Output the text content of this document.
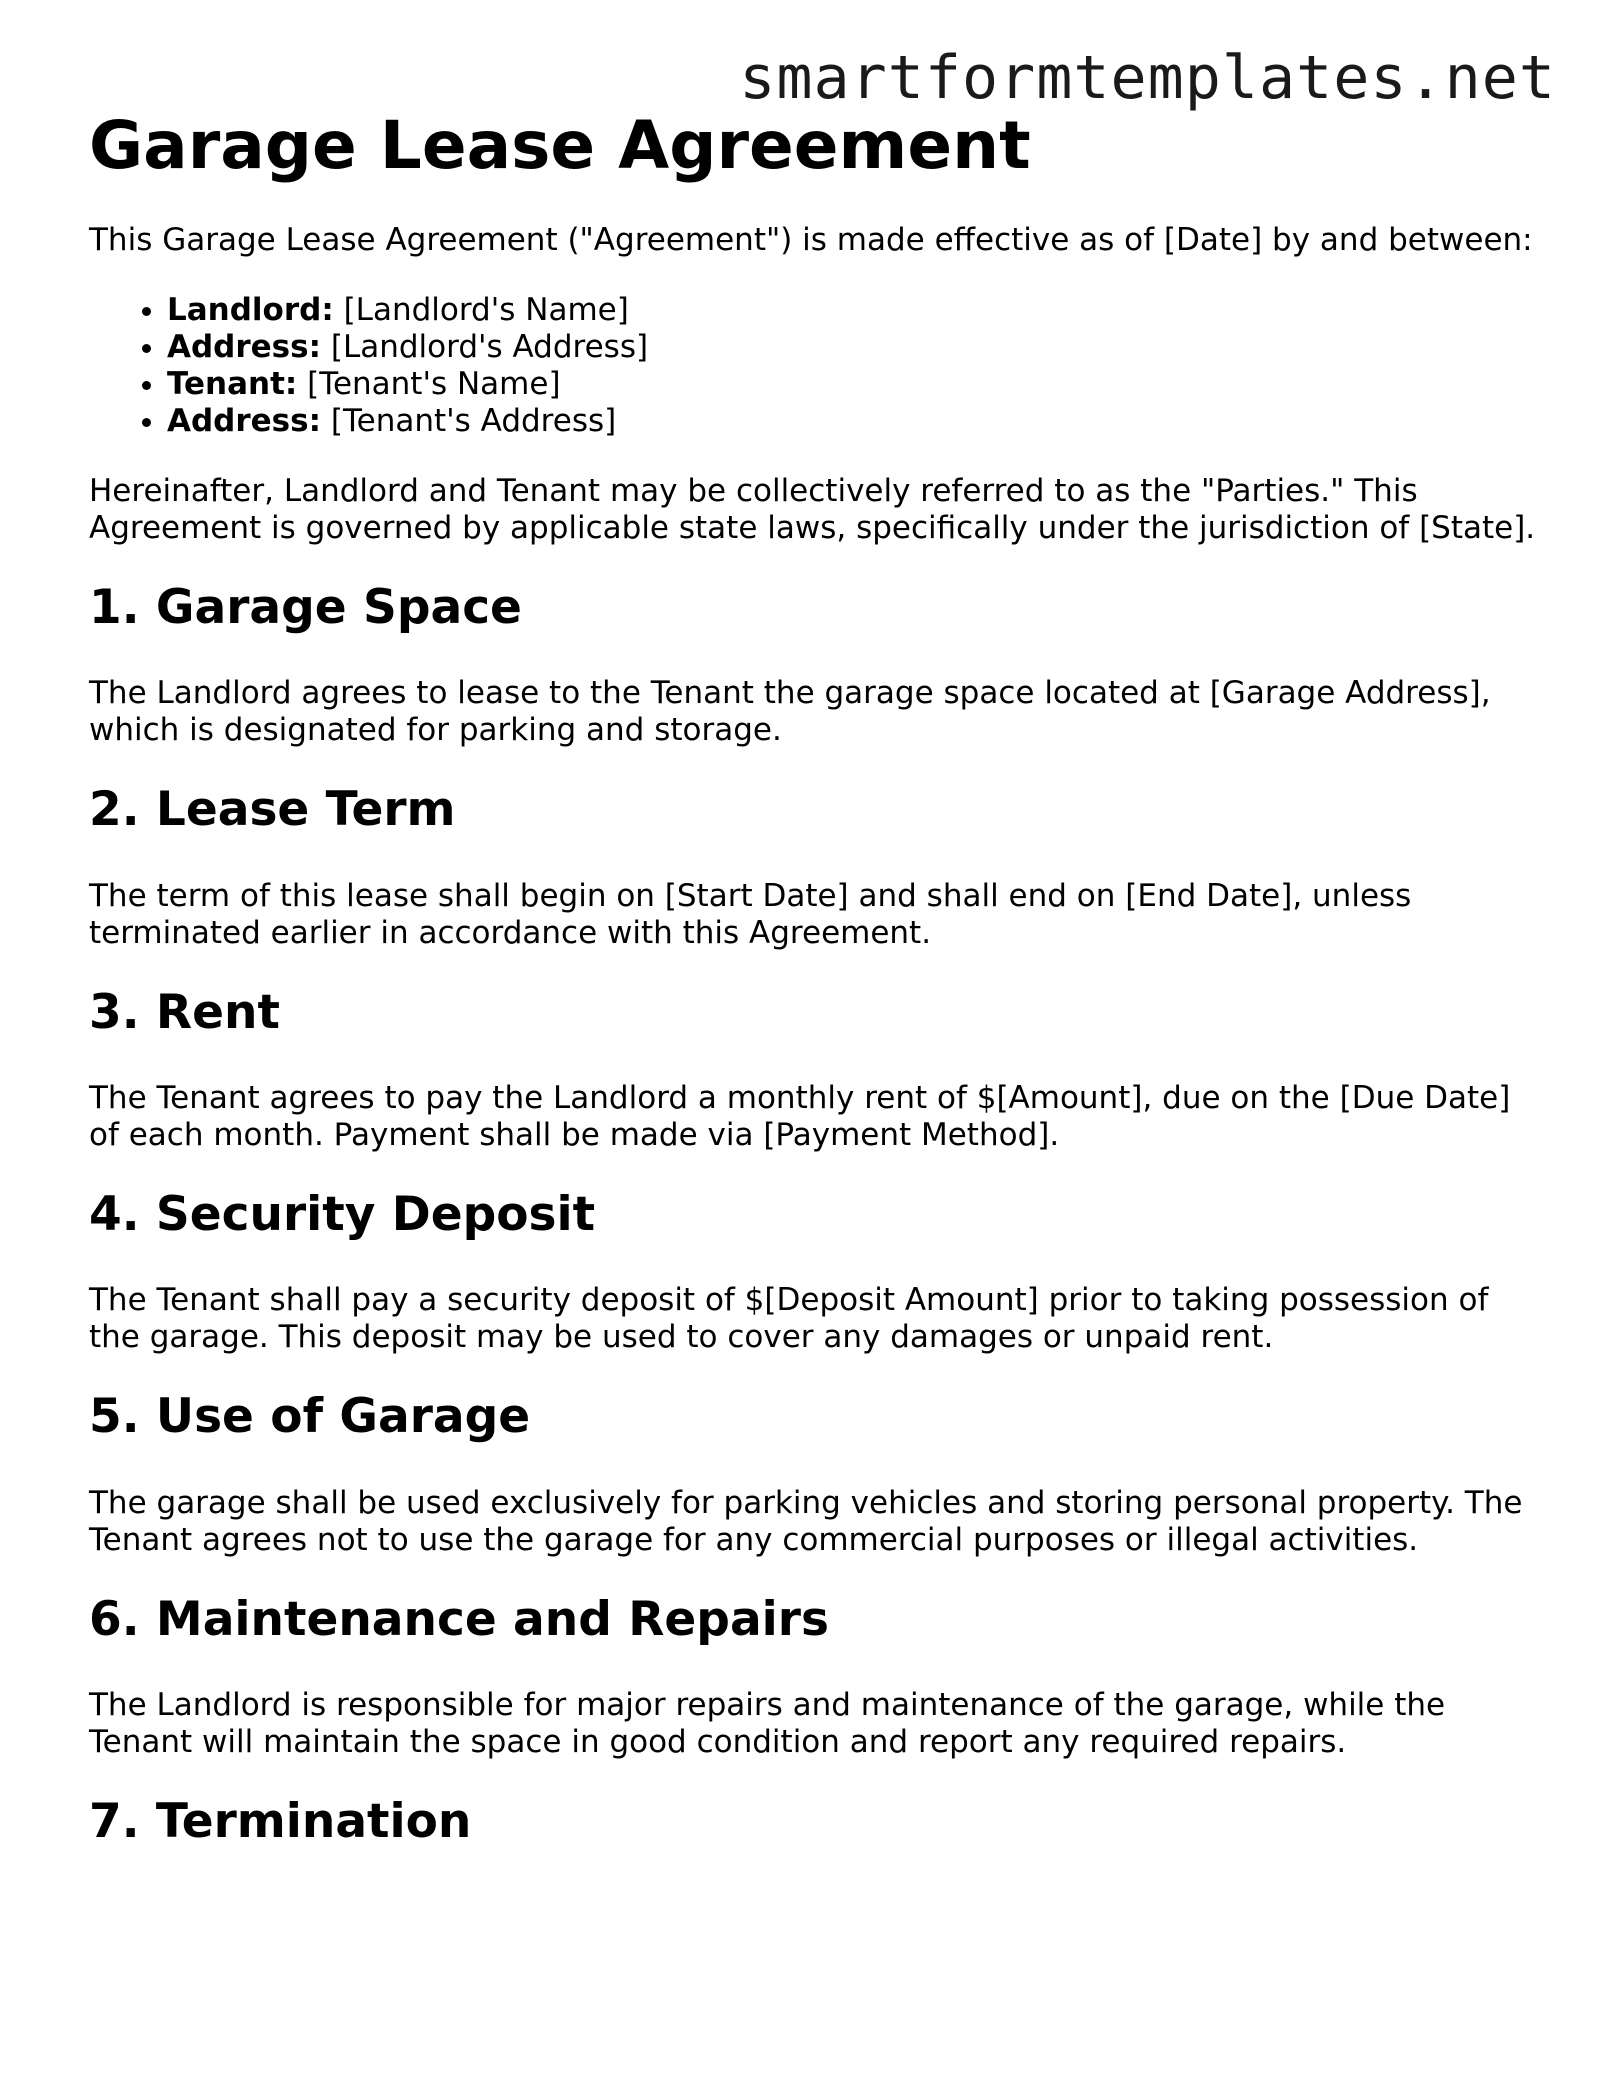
smartformtemplates.net
Garage Lease Agreement

This Garage Lease Agreement ("Agreement") is made effective as of [Date] by and between:

• Landlord: [Landlord's Name]
• Address: [Landlord's Address]
• Tenant: [Tenant's Name]
• Address: [Tenant's Address]

Hereinafter, Landlord and Tenant may be collectively referred to as the "Parties." This Agreement is governed by applicable state laws, specifically under the jurisdiction of [State].

1. Garage Space

The Landlord agrees to lease to the Tenant the garage space located at [Garage Address], which is designated for parking and storage.

2. Lease Term

The term of this lease shall begin on [Start Date] and shall end on [End Date], unless terminated earlier in accordance with this Agreement.

3. Rent

The Tenant agrees to pay the Landlord a monthly rent of $[Amount], due on the [Due Date] of each month. Payment shall be made via [Payment Method].

4. Security Deposit

The Tenant shall pay a security deposit of $[Deposit Amount] prior to taking possession of the garage. This deposit may be used to cover any damages or unpaid rent.

5. Use of Garage

The garage shall be used exclusively for parking vehicles and storing personal property. The Tenant agrees not to use the garage for any commercial purposes or illegal activities.

6. Maintenance and Repairs

The Landlord is responsible for major repairs and maintenance of the garage, while the Tenant will maintain the space in good condition and report any required repairs.

7. Termination
